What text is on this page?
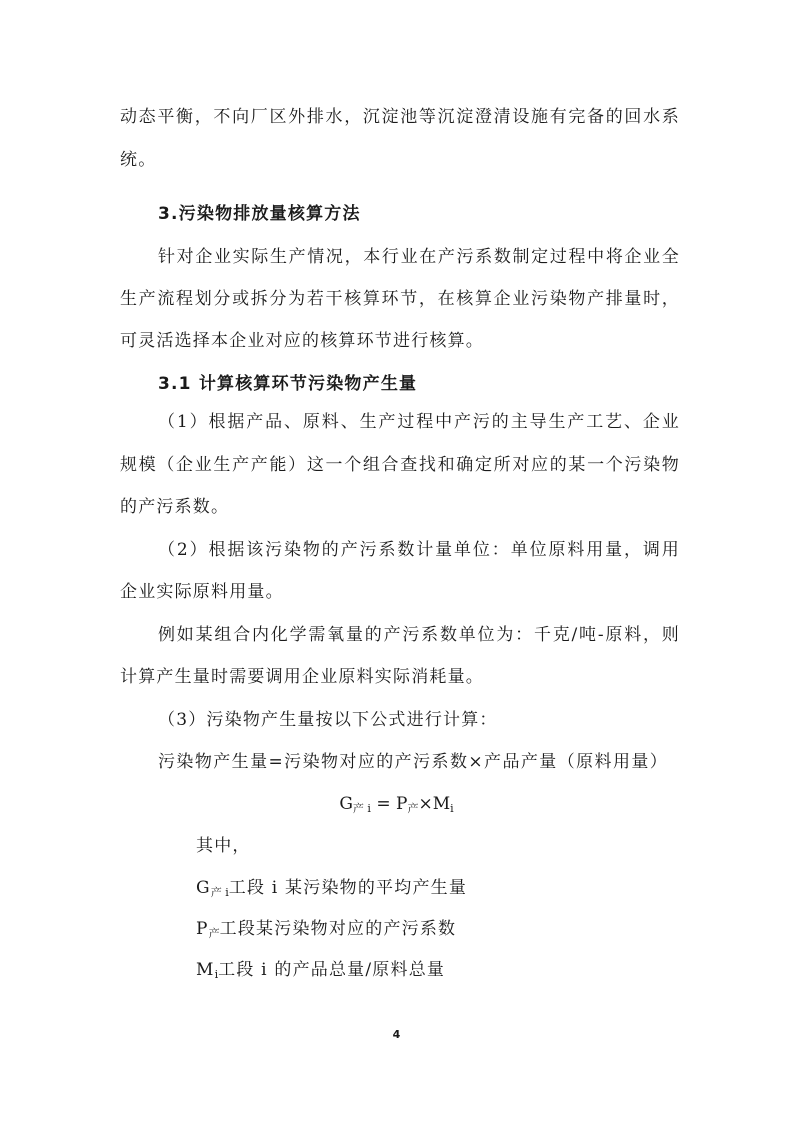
动态平衡，不向厂区外排水，沉淀池等沉淀澄清设施有完备的回水系
统。
3.污染物排放量核算方法
针对企业实际生产情况，本行业在产污系数制定过程中将企业全
生产流程划分或拆分为若干核算环节，在核算企业污染物产排量时，
可灵活选择本企业对应的核算环节进行核算。
3.1 计算核算环节污染物产生量
（1）根据产品、原料、生产过程中产污的主导生产工艺、企业
规模（企业生产产能）这一个组合查找和确定所对应的某一个污染物
的产污系数。
（2）根据该污染物的产污系数计量单位：单位原料用量，调用
企业实际原料用量。
例如某组合内化学需氧量的产污系数单位为：千克/吨-原料，则
计算产生量时需要调用企业原料实际消耗量。
（3）污染物产生量按以下公式进行计算：
污染物产生量=污染物对应的产污系数×产品产量（原料用量）
$G_{产 i} = P_产\times M_i$
其中，
$G_{产 i}$工段 i 某污染物的平均产生量
$P_产$工段某污染物对应的产污系数
$M_i$工段 i 的产品总量/原料总量
4
